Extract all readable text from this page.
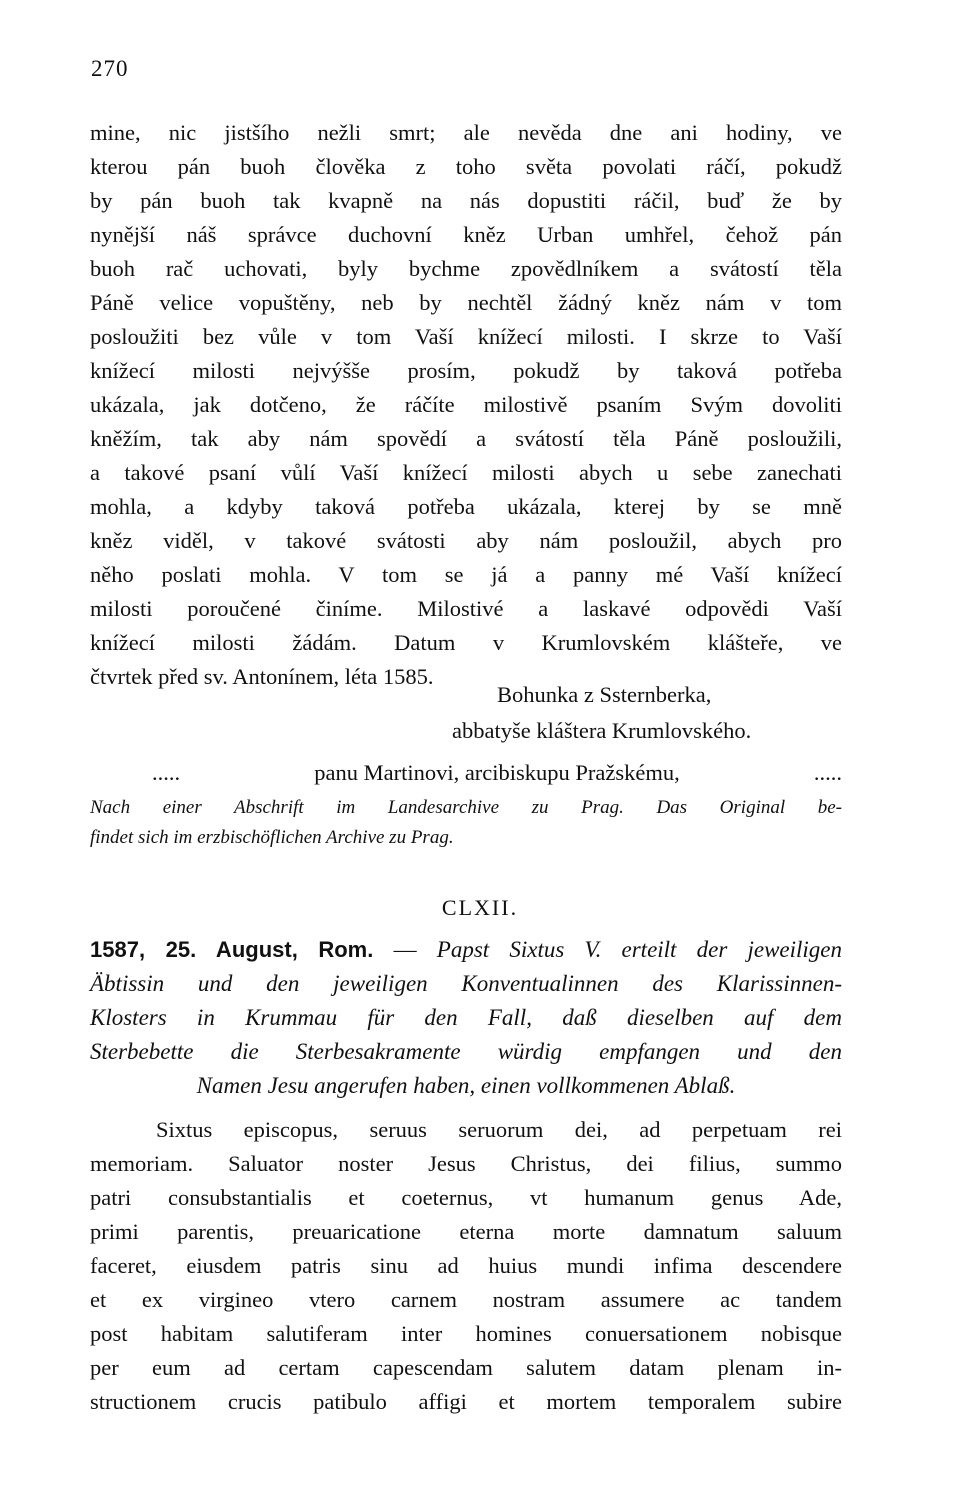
270
mine, nic jistšího nežli smrt; ale nevěda dne ani hodiny, ve
kterou pán buoh člověka z toho světa povolati ráčí, pokudž
by pán buoh tak kvapně na nás dopustiti ráčil, buď že by
nynější náš správce duchovní kněz Urban umhřel, čehož pán
buoh rač uchovati, byly bychme zpovědlníkem a svátostí těla
Páně velice vopuštěny, neb by nechtěl žádný kněz nám v tom
posloužiti bez vůle v tom Vaší knížecí milosti. I skrze to Vaší
knížecí milosti nejvýšše prosím, pokudž by taková potřeba
ukázala, jak dotčeno, že ráčíte milostivě psaním Svým dovoliti
kněžím, tak aby nám spovědí a svátostí těla Páně posloužili,
a takové psaní vůlí Vaší knížecí milosti abych u sebe zanechati
mohla, a kdyby taková potřeba ukázala, kterej by se mně
kněz viděl, v takové svátosti aby nám posloužil, abych pro
něho poslati mohla. V tom se já a panny mé Vaší knížecí
milosti poroučené činíme. Milostivé a laskavé odpovědi Vaší
knížecí milosti žádám. Datum v Krumlovském klášteře, ve
čtvrtek před sv. Antonínem, léta 1585.
Bohunka z Ssternberka,
abbatyše kláštera Krumlovského.
.....	panu Martinovi, arcibiskupu Pražskému,	.....
Nach einer Abschrift im Landesarchive zu Prag. Das Original be-
findet sich im erzbischöflichen Archive zu Prag.
CLXII.
1587, 25. August, Rom. — Papst Sixtus V. erteilt der jeweiligen
Äbtissin und den jeweiligen Konventualinnen des Klarissinnen-
Klosters in Krummau für den Fall, daß dieselben auf dem
Sterbebette die Sterbesakramente würdig empfangen und den
Namen Jesu angerufen haben, einen vollkommenen Ablaß.
Sixtus episcopus, seruus seruorum dei, ad perpetuam rei
memoriam. Saluator noster Jesus Christus, dei filius, summo
patri consubstantialis et coeternus, vt humanum genus Ade,
primi parentis, preuaricatione eterna morte damnatum saluum
faceret, eiusdem patris sinu ad huius mundi infima descendere
et ex virgineo vtero carnem nostram assumere ac tandem
post habitam salutiferam inter homines conuersationem nobisque
per eum ad certam capescendam salutem datam plenam in-
structionem crucis patibulo affigi et mortem temporalem subire
